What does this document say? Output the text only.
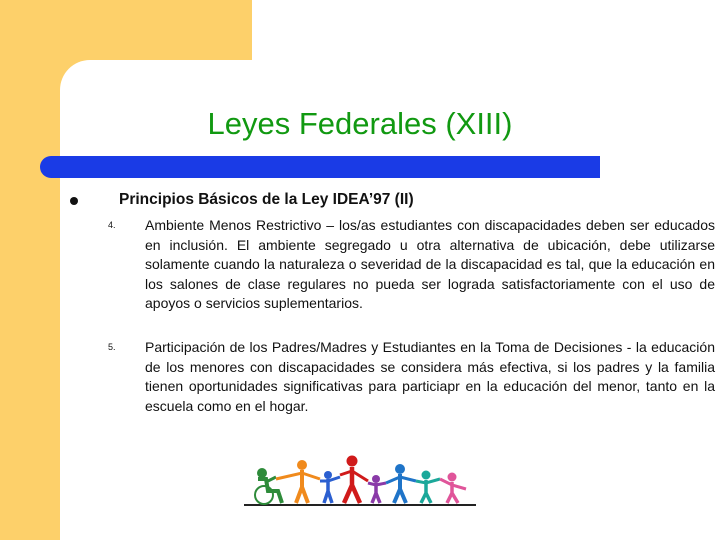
Leyes Federales (XIII)
Principios Básicos de la Ley IDEA’97 (II)
4. Ambiente Menos Restrictivo – los/as estudiantes con discapacidades deben ser educados en inclusión. El ambiente segregado u otra alternativa de ubicación, debe utilizarse solamente cuando la naturaleza o severidad de la discapacidad es tal, que la educación en los salones de clase regulares no pueda ser lograda satisfactoriamente con el uso de apoyos o servicios suplementarios.

5. Participación de los Padres/Madres y Estudiantes en la Toma de Decisiones - la educación de los menores con discapacidades se considera más efectiva, si los padres y la familia tienen oportunidades significativas para particiapr en la educación del menor, tanto en la escuela como en el hogar.
